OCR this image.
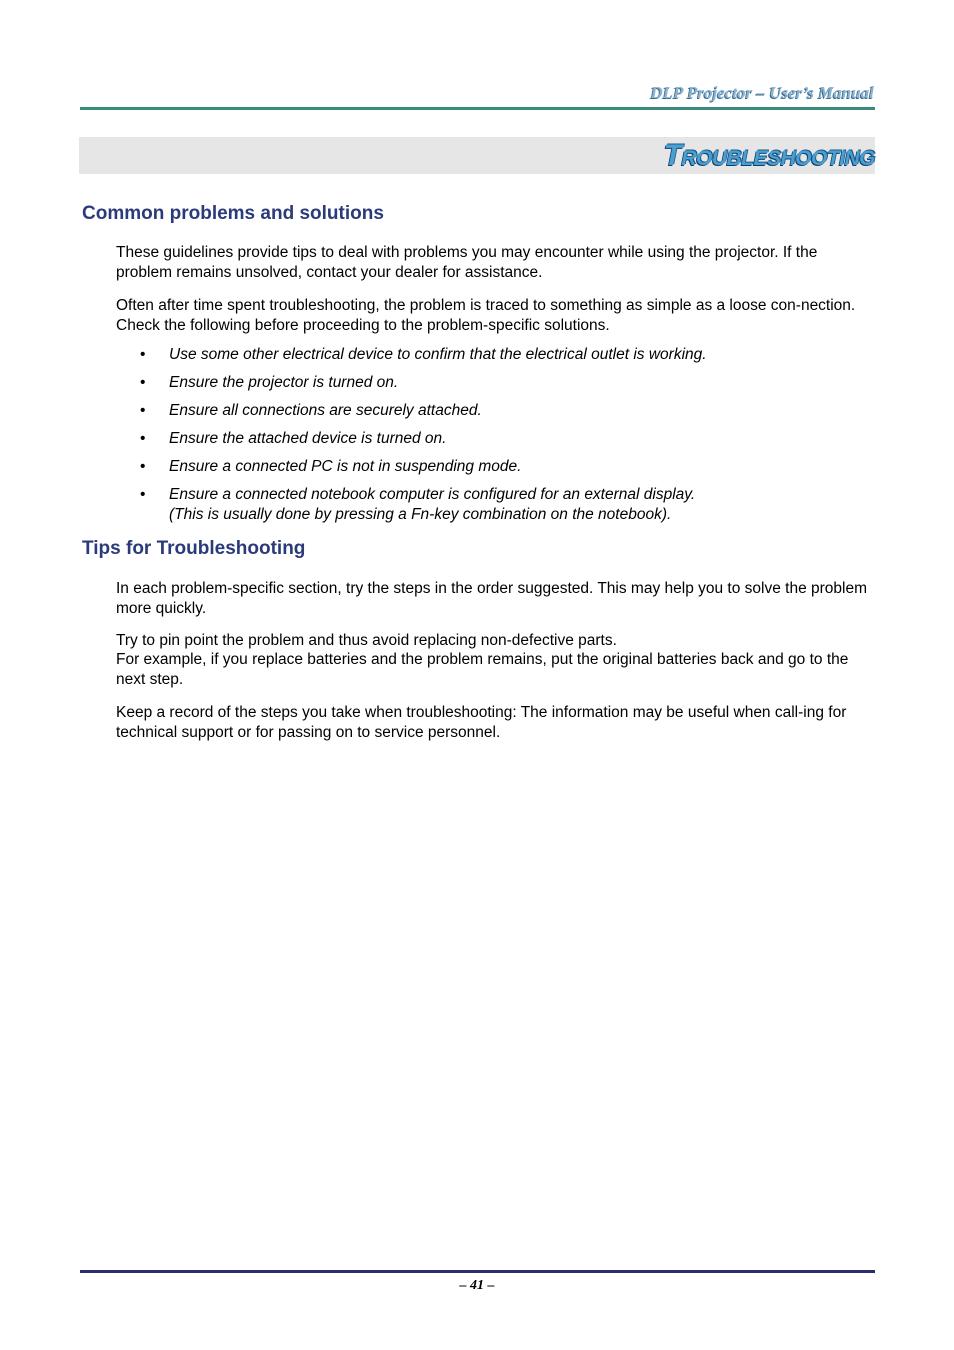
DLP Projector – User’s Manual

Troubleshooting
Common problems and solutions

These guidelines provide tips to deal with problems you may encounter while using the projector. If the problem remains unsolved, contact your dealer for assistance.

Often after time spent troubleshooting, the problem is traced to something as simple as a loose con-nection. Check the following before proceeding to the problem-specific solutions.

• Use some other electrical device to confirm that the electrical outlet is working.
• Ensure the projector is turned on.
• Ensure all connections are securely attached.
• Ensure the attached device is turned on.
• Ensure a connected PC is not in suspending mode.
• Ensure a connected notebook computer is configured for an external display.
(This is usually done by pressing a Fn-key combination on the notebook).
Tips for Troubleshooting

In each problem-specific section, try the steps in the order suggested. This may help you to solve the problem more quickly.

Try to pin point the problem and thus avoid replacing non-defective parts.

For example, if you replace batteries and the problem remains, put the original batteries back and go to the next step.

Keep a record of the steps you take when troubleshooting: The information may be useful when call-ing for technical support or for passing on to service personnel.

– 41 –
